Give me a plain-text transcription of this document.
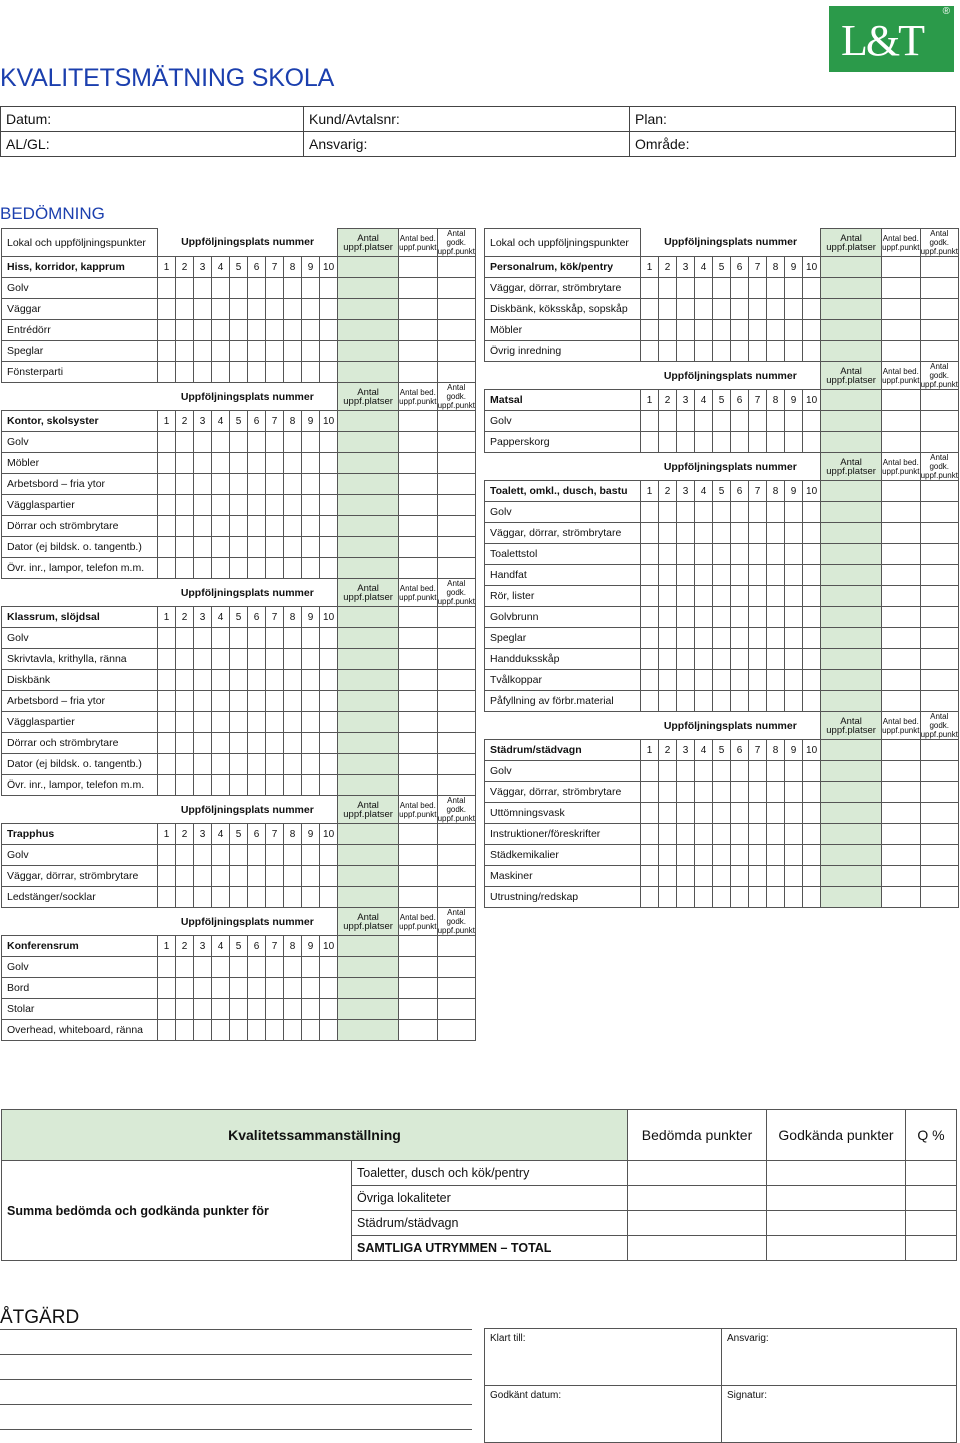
L&T
®
KVALITETSMÄTNING SKOLA
Datum:	Kund/Avtalsnr:	Plan:
AL/GL:	Ansvarig:	Område:
BEDÖMNING
Lokal och uppföljningspunkter	Uppföljningsplats nummer										Antal uppf.platser	Antal bed. uppf.punkt	Antal godk. uppf.punkt
Hiss, korridor, kapprum	1	2	3	4	5	6	7	8	9	10			
Golv													
Väggar													
Entrédörr													
Speglar													
Fönsterparti													
	Uppföljningsplats nummer										Antal uppf.platser	Antal bed. uppf.punkt	Antal godk. uppf.punkt
Kontor, skolsyster	1	2	3	4	5	6	7	8	9	10			
Golv													
Möbler													
Arbetsbord – fria ytor													
Vägglaspartier													
Dörrar och strömbrytare													
Dator (ej bildsk. o. tangentb.)													
Övr. inr., lampor, telefon m.m.													
	Uppföljningsplats nummer										Antal uppf.platser	Antal bed. uppf.punkt	Antal godk. uppf.punkt
Klassrum, slöjdsal	1	2	3	4	5	6	7	8	9	10			
Golv													
Skrivtavla, krithylla, ränna													
Diskbänk													
Arbetsbord – fria ytor													
Vägglaspartier													
Dörrar och strömbrytare													
Dator (ej bildsk. o. tangentb.)													
Övr. inr., lampor, telefon m.m.													
	Uppföljningsplats nummer										Antal uppf.platser	Antal bed. uppf.punkt	Antal godk. uppf.punkt
Trapphus	1	2	3	4	5	6	7	8	9	10			
Golv													
Väggar, dörrar, strömbrytare													
Ledstänger/socklar													
	Uppföljningsplats nummer										Antal uppf.platser	Antal bed. uppf.punkt	Antal godk. uppf.punkt
Konferensrum	1	2	3	4	5	6	7	8	9	10			
Golv													
Bord													
Stolar													
Overhead, whiteboard, ränna													
Lokal och uppföljningspunkter	Uppföljningsplats nummer										Antal uppf.platser	Antal bed. uppf.punkt	Antal godk. uppf.punkt
Personalrum, kök/pentry	1	2	3	4	5	6	7	8	9	10			
Väggar, dörrar, strömbrytare													
Diskbänk, köksskåp, sopskåp													
Möbler													
Övrig inredning													
	Uppföljningsplats nummer										Antal uppf.platser	Antal bed. uppf.punkt	Antal godk. uppf.punkt
Matsal	1	2	3	4	5	6	7	8	9	10			
Golv													
Papperskorg													
	Uppföljningsplats nummer										Antal uppf.platser	Antal bed. uppf.punkt	Antal godk. uppf.punkt
Toalett, omkl., dusch, bastu	1	2	3	4	5	6	7	8	9	10			
Golv													
Väggar, dörrar, strömbrytare													
Toalettstol													
Handfat													
Rör, lister													
Golvbrunn													
Speglar													
Handduksskåp													
Tvålkoppar													
Påfyllning av förbr.material													
	Uppföljningsplats nummer										Antal uppf.platser	Antal bed. uppf.punkt	Antal godk. uppf.punkt
Städrum/städvagn	1	2	3	4	5	6	7	8	9	10			
Golv													
Väggar, dörrar, strömbrytare													
Uttömningsvask													
Instruktioner/föreskrifter													
Städkemikalier													
Maskiner													
Utrustning/redskap													
Kvalitetssammanställning		Bedömda punkter	Godkända punkter	Q %
Summa bedömda och godkända punkter för	Toaletter, dusch och kök/pentry			
	Övriga lokaliteter			
	Städrum/städvagn			
	SAMTLIGA UTRYMMEN – TOTAL			
ÅTGÄRD
Klart till:	Ansvarig:
Godkänt datum:	Signatur:
